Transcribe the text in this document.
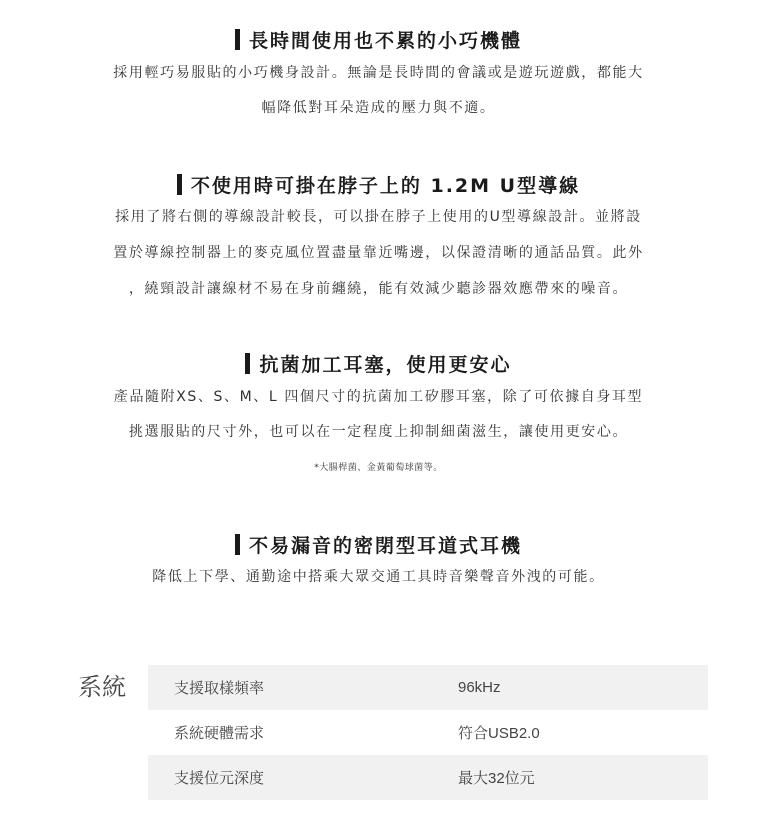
長時間使用也不累的小巧機體
採用輕巧易服貼的小巧機身設計。無論是長時間的會議或是遊玩遊戲，都能大
幅降低對耳朵造成的壓力與不適。
不使用時可掛在脖子上的 1.2M U型導線
採用了將右側的導線設計較長，可以掛在脖子上使用的U型導線設計。並將設
置於導線控制器上的麥克風位置盡量靠近嘴邊，以保證清晰的通話品質。此外
，繞頸設計讓線材不易在身前纏繞，能有效減少聽診器效應帶來的噪音。
抗菌加工耳塞，使用更安心
產品隨附XS、S、M、L 四個尺寸的抗菌加工矽膠耳塞，除了可依據自身耳型
挑選服貼的尺寸外，也可以在一定程度上抑制細菌滋生，讓使用更安心。
*大腸桿菌、金黃葡萄球菌等。
不易漏音的密閉型耳道式耳機
降低上下學、通勤途中搭乘大眾交通工具時音樂聲音外洩的可能。
系統	支援取樣頻率	96kHz
系統硬體需求	符合USB2.0
支援位元深度	最大32位元
